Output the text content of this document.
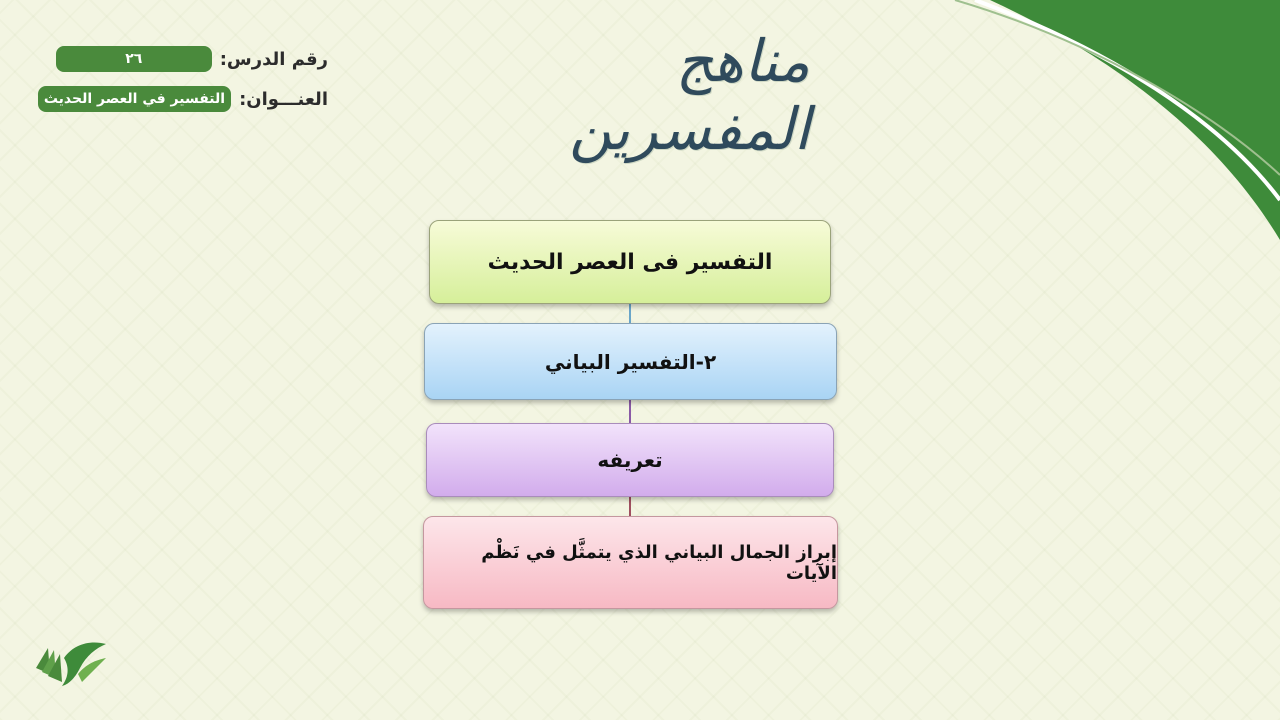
رقم الدرس:
٢٦
العنـــوان:
التفسير في العصر الحديث
مناهج المفسرين
التفسير فى العصر الحديث
٢-التفسير البياني
تعريفه
إبراز الجمال البياني الذي يتمثَّل في نَظْم الآيات
